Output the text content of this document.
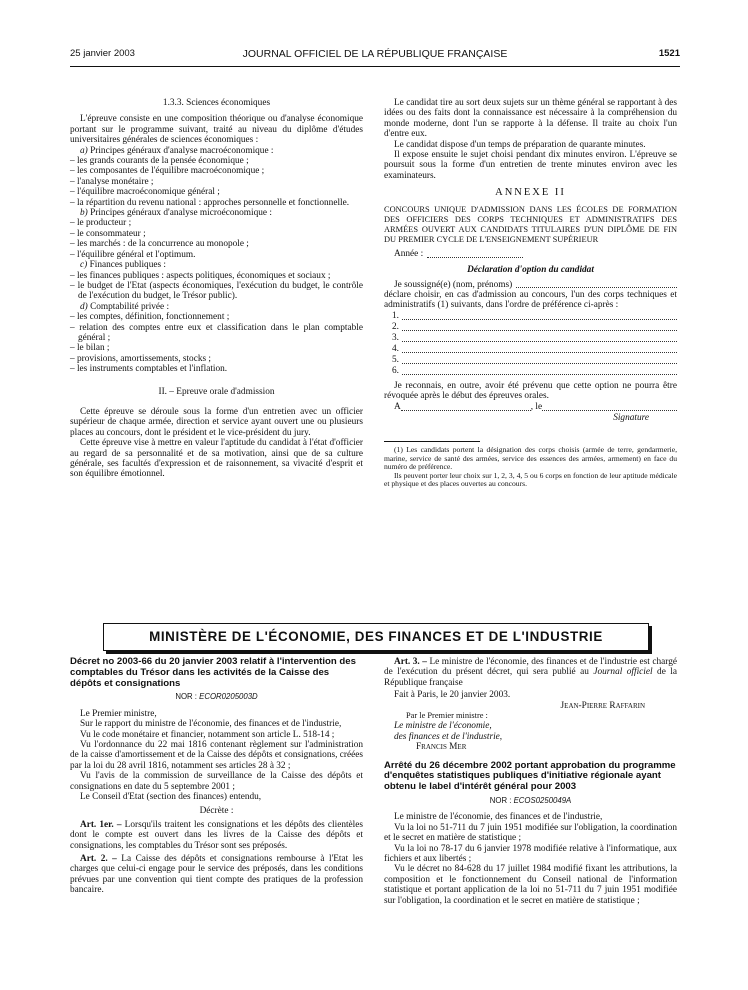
25 janvier 2003	JOURNAL OFFICIEL DE LA RÉPUBLIQUE FRANÇAISE	1521

1.3.3. Sciences économiques

L'épreuve consiste en une composition théorique ou d'analyse économique portant sur le programme suivant, traité au niveau du diplôme d'études universitaires générales de sciences économiques :

a) Principes généraux d'analyse macroéconomique :

– les grands courants de la pensée économique ;

– les composantes de l'équilibre macroéconomique ;

– l'analyse monétaire ;

– l'équilibre macroéconomique général ;

– la répartition du revenu national : approches personnelle et fonctionnelle.

b) Principes généraux d'analyse microéconomique :

– le producteur ;

– le consommateur ;

– les marchés : de la concurrence au monopole ;

– l'équilibre général et l'optimum.

c) Finances publiques :

– les finances publiques : aspects politiques, économiques et sociaux ;

– le budget de l'Etat (aspects économiques, l'exécution du budget, le contrôle de l'exécution du budget, le Trésor public).

d) Comptabilité privée :

– les comptes, définition, fonctionnement ;

– relation des comptes entre eux et classification dans le plan comptable général ;

– le bilan ;

– provisions, amortissements, stocks ;

– les instruments comptables et l'inflation.

II. – Epreuve orale d'admission

Cette épreuve se déroule sous la forme d'un entretien avec un officier supérieur de chaque armée, direction et service ayant ouvert une ou plusieurs places au concours, dont le président et le vice-président du jury.

Cette épreuve vise à mettre en valeur l'aptitude du candidat à l'état d'officier au regard de sa personnalité et de sa motivation, ainsi que de sa culture générale, ses facultés d'expression et de raisonnement, sa vivacité d'esprit et son équilibre émotionnel.

Le candidat tire au sort deux sujets sur un thème général se rapportant à des idées ou des faits dont la connaissance est nécessaire à la compréhension du monde moderne, dont l'un se rapporte à la défense. Il traite au choix l'un d'entre eux.

Le candidat dispose d'un temps de préparation de quarante minutes.

Il expose ensuite le sujet choisi pendant dix minutes environ. L'épreuve se poursuit sous la forme d'un entretien de trente minutes environ avec les examinateurs.

ANNEXE II

CONCOURS UNIQUE D'ADMISSION DANS LES ÉCOLES DE FORMATION DES OFFICIERS DES CORPS TECHNIQUES ET ADMINISTRATIFS DES ARMÉES OUVERT AUX CANDIDATS TITULAIRES D'UN DIPLÔME DE FIN DU PREMIER CYCLE DE L'ENSEIGNEMENT SUPÉRIEUR

Année :

Déclaration d'option du candidat

Je soussigné(e) (nom, prénoms)

déclare choisir, en cas d'admission au concours, l'un des corps techniques et administratifs (1) suivants, dans l'ordre de préférence ci-après :

1.
2.
3.
4.
5.
6.

Je reconnais, en outre, avoir été prévenu que cette option ne pourra être révoquée après le début des épreuves orales.

A	, le

Signature

(1) Les candidats portent la désignation des corps choisis (armée de terre, gendarmerie, marine, service de santé des armées, service des essences des armées, armement) en face du numéro de préférence.

Ils peuvent porter leur choix sur 1, 2, 3, 4, 5 ou 6 corps en fonction de leur aptitude médicale et physique et des places ouvertes au concours.

MINISTÈRE DE L'ÉCONOMIE, DES FINANCES ET DE L'INDUSTRIE

Décret no 2003-66 du 20 janvier 2003 relatif à l'intervention des comptables du Trésor dans les activités de la Caisse des dépôts et consignations

NOR : ECOR0205003D

Le Premier ministre,

Sur le rapport du ministre de l'économie, des finances et de l'industrie,

Vu le code monétaire et financier, notamment son article L. 518-14 ;

Vu l'ordonnance du 22 mai 1816 contenant règlement sur l'administration de la caisse d'amortissement et de la Caisse des dépôts et consignations, créées par la loi du 28 avril 1816, notamment ses articles 28 à 32 ;

Vu l'avis de la commission de surveillance de la Caisse des dépôts et consignations en date du 5 septembre 2001 ;

Le Conseil d'Etat (section des finances) entendu,

Décrète :

Art. 1er. – Lorsqu'ils traitent les consignations et les dépôts des clientèles dont le compte est ouvert dans les livres de la Caisse des dépôts et consignations, les comptables du Trésor sont ses préposés.

Art. 2. – La Caisse des dépôts et consignations rembourse à l'Etat les charges que celui-ci engage pour le service des préposés, dans les conditions prévues par une convention qui tient compte des pratiques de la profession bancaire.

Art. 3. – Le ministre de l'économie, des finances et de l'industrie est chargé de l'exécution du présent décret, qui sera publié au Journal officiel de la République française

Fait à Paris, le 20 janvier 2003.

Jean-Pierre Raffarin

Par le Premier ministre :

Le ministre de l'économie,

des finances et de l'industrie,

Francis Mer

Arrêté du 26 décembre 2002 portant approbation du programme d'enquêtes statistiques publiques d'initiative régionale ayant obtenu le label d'intérêt général pour 2003

NOR : ECOS0250049A

Le ministre de l'économie, des finances et de l'industrie,

Vu la loi no 51-711 du 7 juin 1951 modifiée sur l'obligation, la coordination et le secret en matière de statistique ;

Vu la loi no 78-17 du 6 janvier 1978 modifiée relative à l'informatique, aux fichiers et aux libertés ;

Vu le décret no 84-628 du 17 juillet 1984 modifié fixant les attributions, la composition et le fonctionnement du Conseil national de l'information statistique et portant application de la loi no 51-711 du 7 juin 1951 modifiée sur l'obligation, la coordination et le secret en matière de statistique ;
